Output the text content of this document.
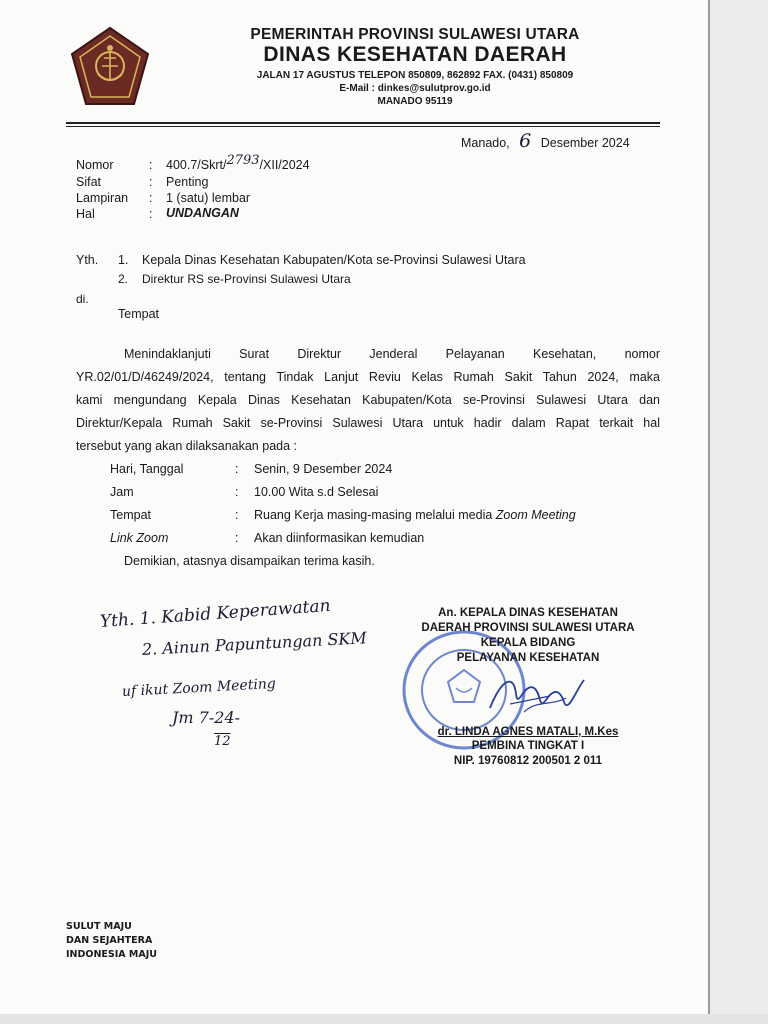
PEMERINTAH PROVINSI SULAWESI UTARA
DINAS KESEHATAN DAERAH
JALAN 17 AGUSTUS TELEPON 850809, 862892 FAX. (0431) 850809
E-Mail : dinkes@sulutprov.go.id
MANADO 95119
Manado, 6 Desember 2024
Nomor	: 400.7/Skrt/2793/XII/2024
Sifat	: Penting
Lampiran : 1 (satu) lembar
Hal	: UNDANGAN
Yth. 1. Kepala Dinas Kesehatan Kabupaten/Kota se-Provinsi Sulawesi Utara
2. Direktur RS se-Provinsi Sulawesi Utara
di.
Tempat
Menindaklanjuti Surat Direktur Jenderal Pelayanan Kesehatan, nomor
YR.02/01/D/46249/2024, tentang Tindak Lanjut Reviu Kelas Rumah Sakit Tahun 2024, maka
kami mengundang Kepala Dinas Kesehatan Kabupaten/Kota se-Provinsi Sulawesi Utara dan
Direktur/Kepala Rumah Sakit se-Provinsi Sulawesi Utara untuk hadir dalam Rapat terkait hal
tersebut yang akan dilaksanakan pada :
Hari, Tanggal	: Senin, 9 Desember 2024
Jam	: 10.00 Wita s.d Selesai
Tempat	: Ruang Kerja masing-masing melalui media Zoom Meeting
Link Zoom	: Akan diinformasikan kemudian
Demikian, atasnya disampaikan terima kasih.
An. KEPALA DINAS KESEHATAN
DAERAH PROVINSI SULAWESI UTARA
KEPALA BIDANG
PELAYANAN KESEHATAN
dr. LINDA AGNES MATALI, M.Kes
PEMBINA TINGKAT I
NIP. 19760812 200501 2 011
Yth. 1. Kabid Keperawatan
2. Ainun Papuntungan SKM
uf ikut Zoom Meeting
Jm 7-24-
12
SULUT MAJU
DAN SEJAHTERA
INDONESIA MAJU
